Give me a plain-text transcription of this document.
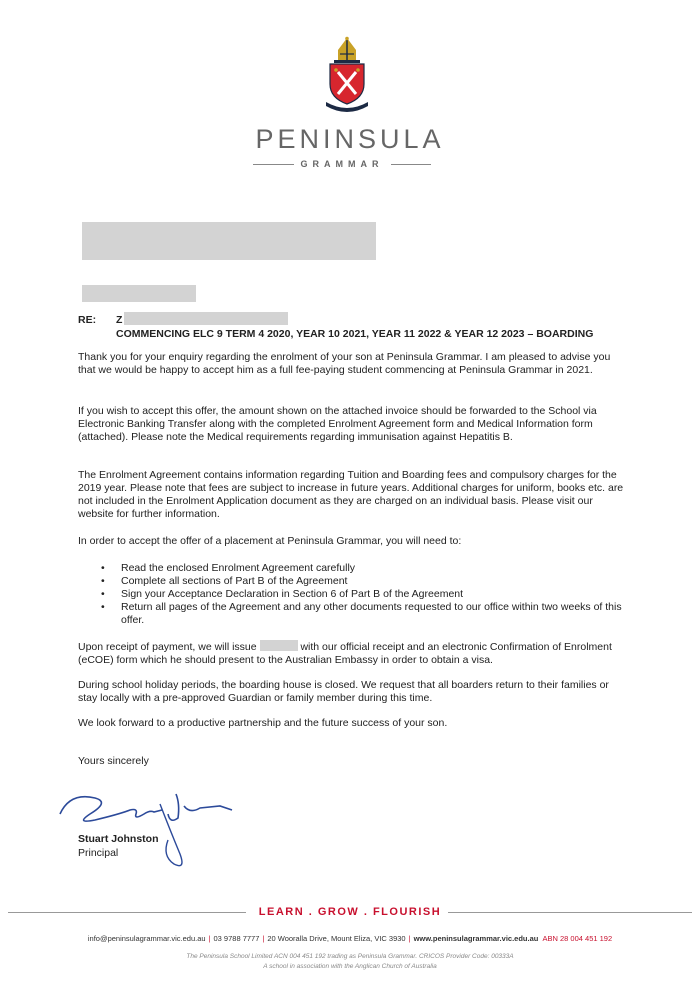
PENINSULA
GRAMMAR
RE: Z
COMMENCING ELC 9 TERM 4 2020, YEAR 10 2021, YEAR 11 2022 & YEAR 12 2023 – BOARDING

Thank you for your enquiry regarding the enrolment of your son at Peninsula Grammar. I am pleased to advise you that we would be happy to accept him as a full fee-paying student commencing at Peninsula Grammar in 2021.

If you wish to accept this offer, the amount shown on the attached invoice should be forwarded to the School via Electronic Banking Transfer along with the completed Enrolment Agreement form and Medical Information form (attached). Please note the Medical requirements regarding immunisation against Hepatitis B.

The Enrolment Agreement contains information regarding Tuition and Boarding fees and compulsory charges for the 2019 year. Please note that fees are subject to increase in future years. Additional charges for uniform, books etc. are not included in the Enrolment Application document as they are charged on an individual basis. Please visit our website for further information.

In order to accept the offer of a placement at Peninsula Grammar, you will need to:

• Read the enclosed Enrolment Agreement carefully
• Complete all sections of Part B of the Agreement
• Sign your Acceptance Declaration in Section 6 of Part B of the Agreement
• Return all pages of the Agreement and any other documents requested to our office within two weeks of this offer.

Upon receipt of payment, we will issue	with our official receipt and an electronic Confirmation of Enrolment (eCOE) form which he should present to the Australian Embassy in order to obtain a visa.

During school holiday periods, the boarding house is closed. We request that all boarders return to their families or stay locally with a pre-approved Guardian or family member during this time.

We look forward to a productive partnership and the future success of your son.

Yours sincerely

Stuart Johnston
Principal
LEARN . GROW . FLOURISH
info@peninsulagrammar.vic.edu.au | 03 9788 7777 | 20 Wooralla Drive, Mount Eliza, VIC 3930 | www.peninsulagrammar.vic.edu.au ABN 28 004 451 192
The Peninsula School Limited ACN 004 451 192 trading as Peninsula Grammar. CRICOS Provider Code: 00333A
A school in association with the Anglican Church of Australia
